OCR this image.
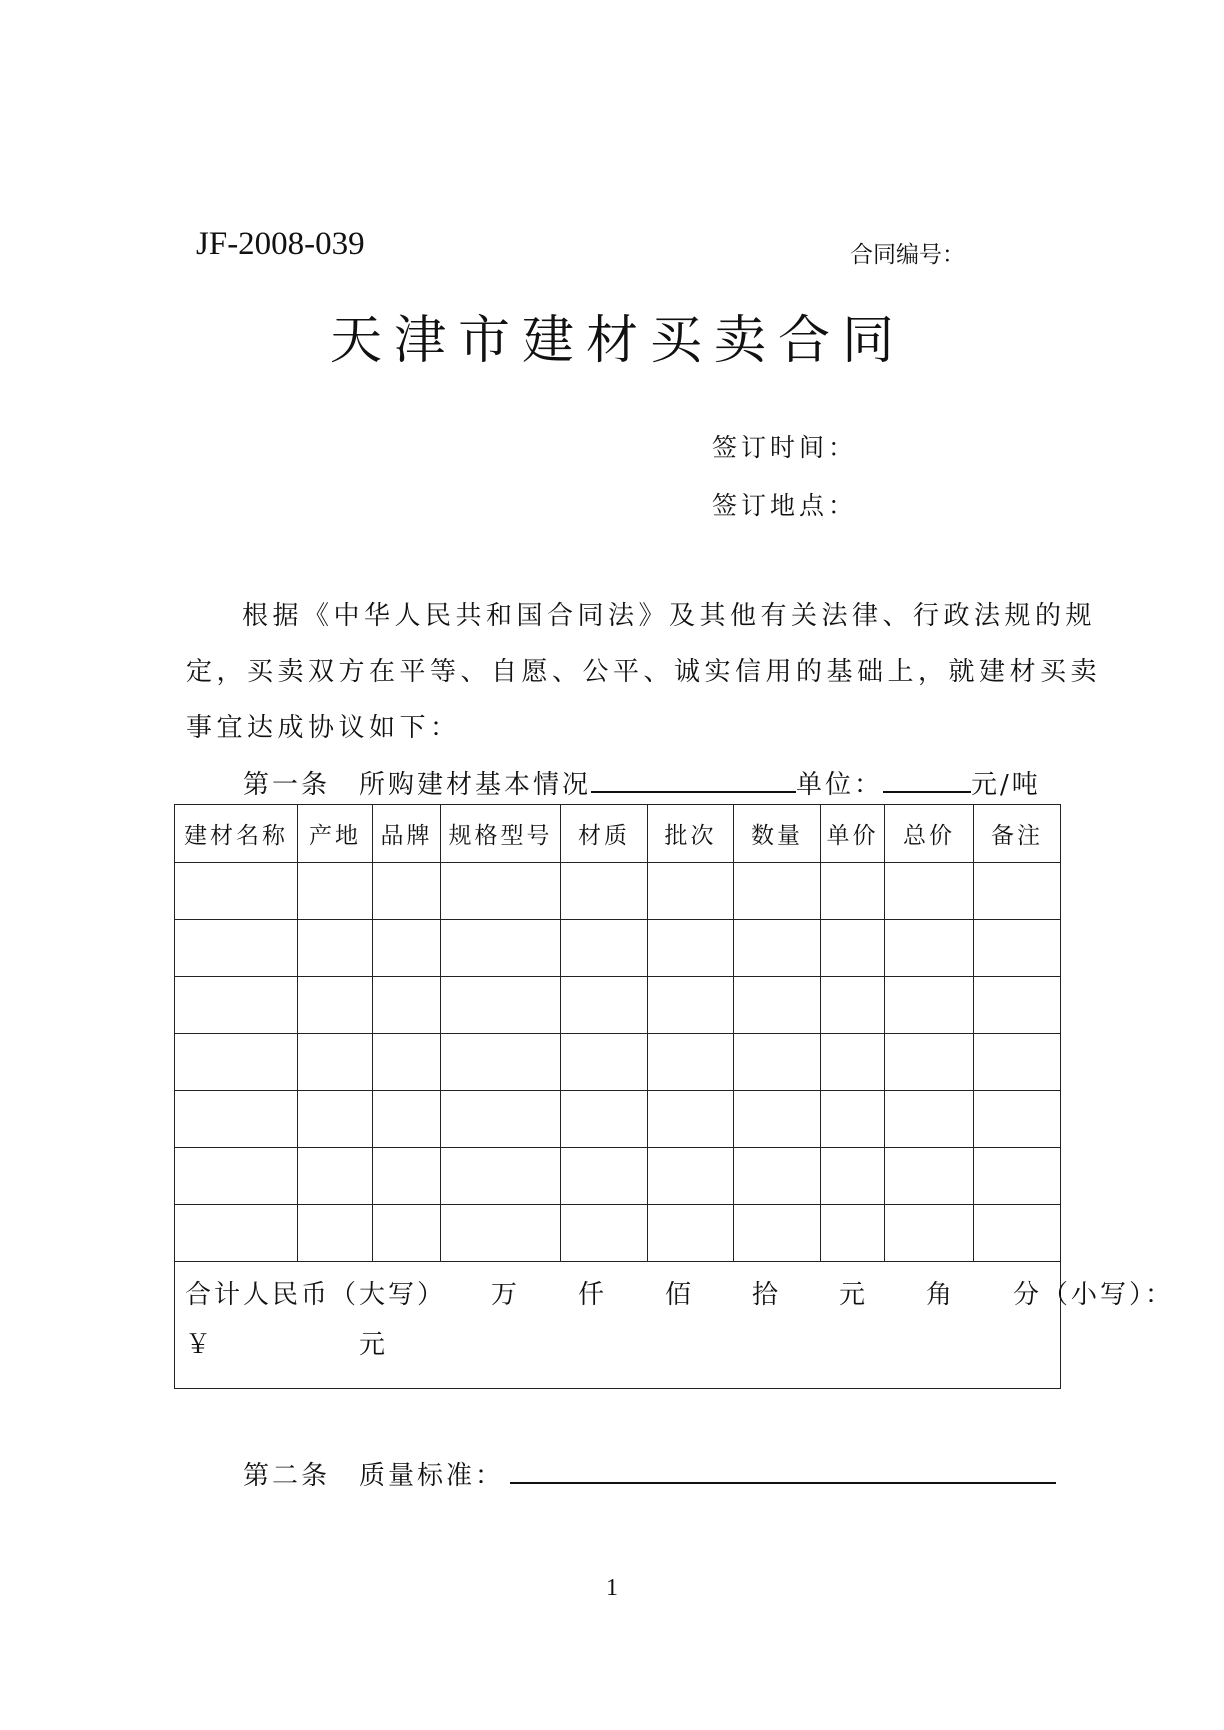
JF-2008-039	合同编号：
天津市建材买卖合同
签订时间：
签订地点：

根据《中华人民共和国合同法》及其他有关法律、行政法规的规

定，买卖双方在平等、自愿、公平、诚实信用的基础上，就建材买卖

事宜达成协议如下：

第一条　所购建材基本情况	单位：	元/吨
建材名称	产地	品牌	规格型号	材质	批次	数量	单价	总价	备注

合计人民币（大写）　　万　　仟　　佰　　拾　　元　　角　　分（小写）：
￥　　　　　元									
第二条　质量标准：
1
